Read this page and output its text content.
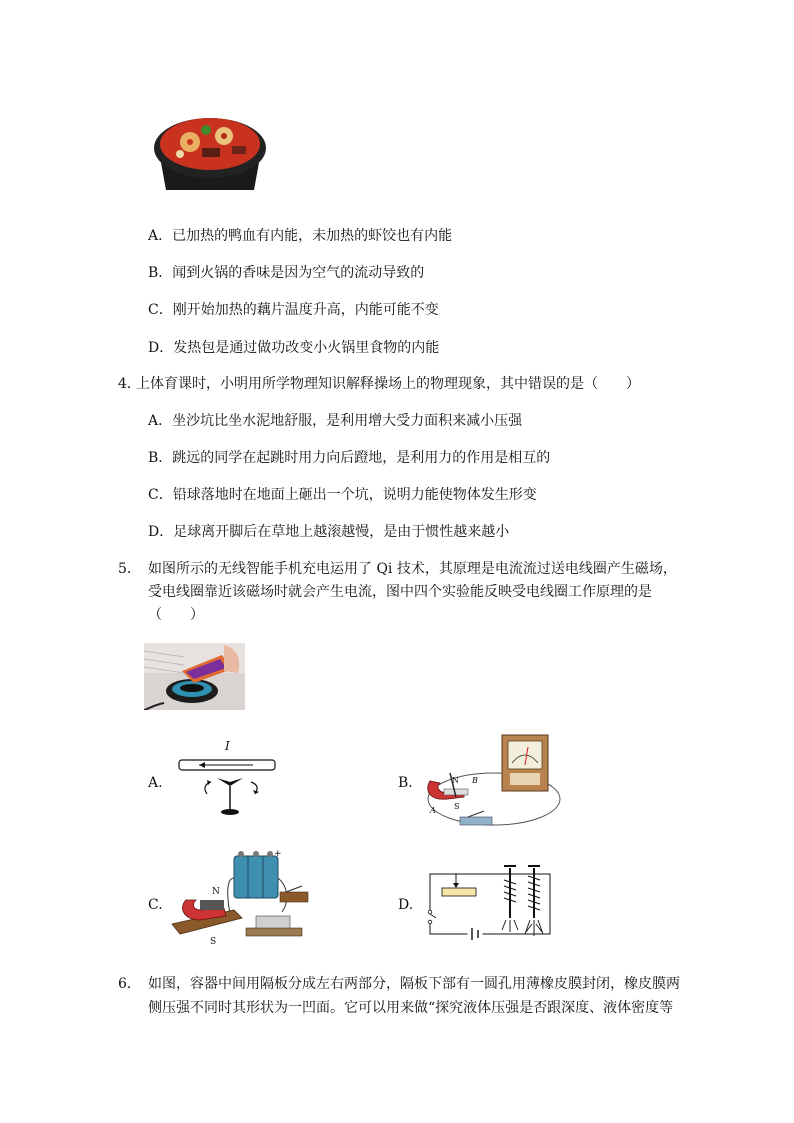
A．已加热的鸭血有内能，未加热的虾饺也有内能
B．闻到火锅的香味是因为空气的流动导致的
C．刚开始加热的藕片温度升高，内能可能不变
D．发热包是通过做功改变小火锅里食物的内能
4．
上体育课时，小明用所学物理知识解释操场上的物理现象，其中错误的是（　　）
A．坐沙坑比坐水泥地舒服，是利用增大受力面积来减小压强
B．跳远的同学在起跳时用力向后蹬地，是利用力的作用是相互的
C．铅球落地时在地面上砸出一个坑，说明力能使物体发生形变
D．足球离开脚后在草地上越滚越慢，是由于惯性越来越小
5． 如图所示的无线智能手机充电运用了 Qi 技术，其原理是电流流过送电线圈产生磁场，
受电线圈靠近该磁场时就会产生电流，图中四个实验能反映受电线圈工作原理的是
（　　）
A.
I
B.	N
S
A
B
C.
+
N
S
D.
6． 如图，容器中间用隔板分成左右两部分，隔板下部有一圆孔用薄橡皮膜封闭，橡皮膜两
侧压强不同时其形状为一凹面。它可以用来做“探究液体压强是否跟深度、液体密度等
